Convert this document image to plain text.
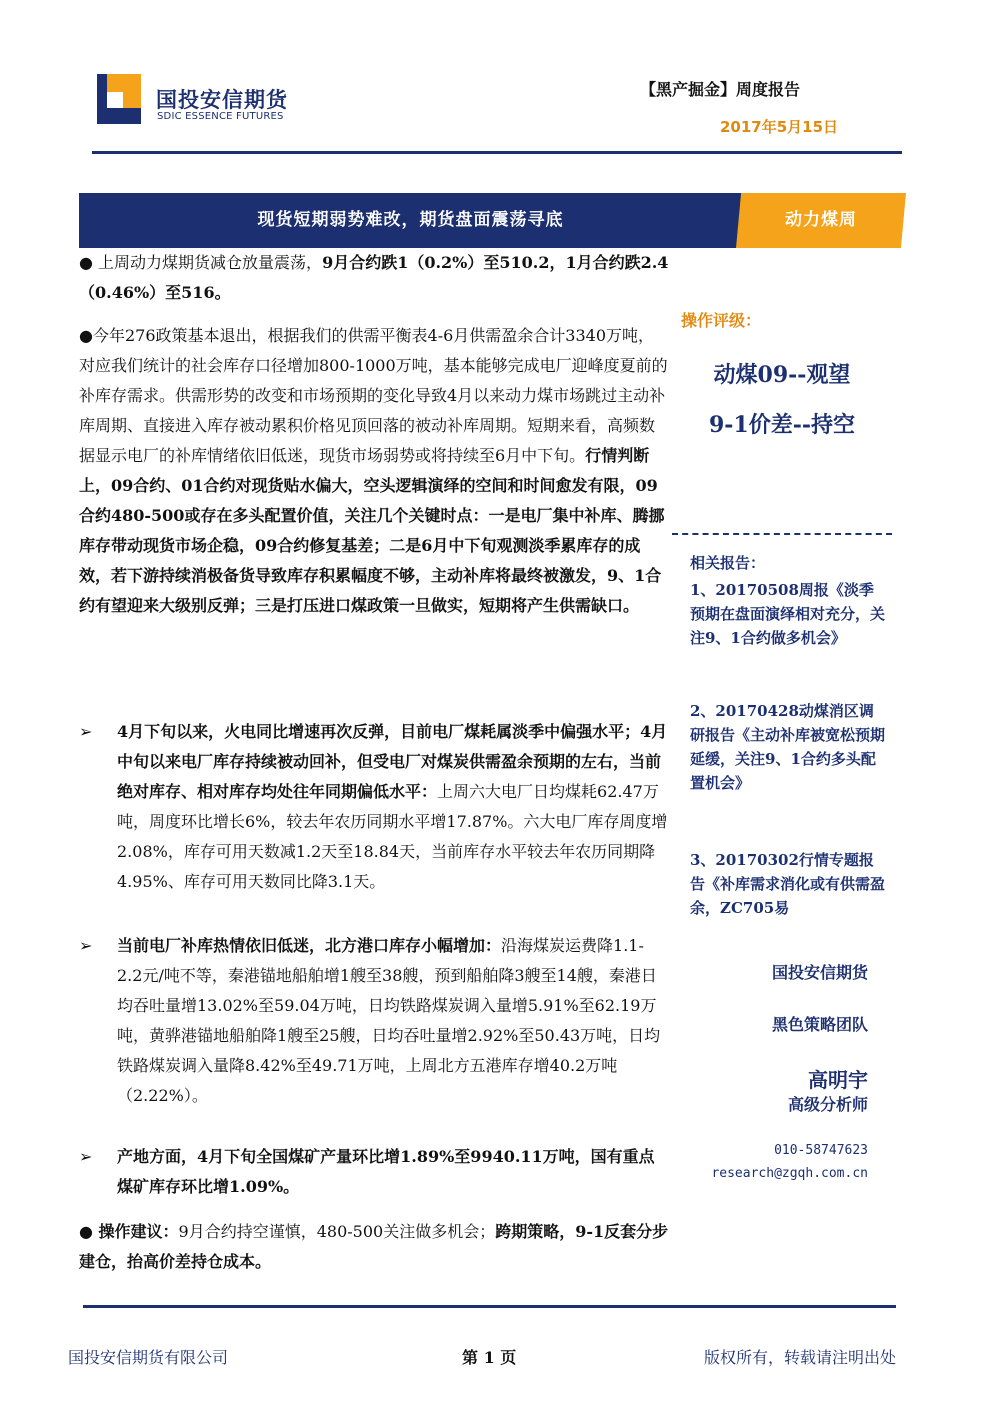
国投安信期货
SDIC ESSENCE FUTURES
【黑产掘金】周度报告
2017年5月15日
现货短期弱势难改，期货盘面震荡寻底	动力煤周
● 上周动力煤期货减仓放量震荡，9月合约跌1（0.2%）至510.2，1月合约跌2.4（0.46%）至516。
●今年276政策基本退出，根据我们的供需平衡表4-6月供需盈余合计3340万吨，对应我们统计的社会库存口径增加800-1000万吨，基本能够完成电厂迎峰度夏前的补库存需求。供需形势的改变和市场预期的变化导致4月以来动力煤市场跳过主动补库周期、直接进入库存被动累积价格见顶回落的被动补库周期。短期来看，高频数据显示电厂的补库情绪依旧低迷，现货市场弱势或将持续至6月中下旬。行情判断上，09合约、01合约对现货贴水偏大，空头逻辑演绎的空间和时间愈发有限，09合约480-500或存在多头配置价值，关注几个关键时点：一是电厂集中补库、腾挪库存带动现货市场企稳，09合约修复基差；二是6月中下旬观测淡季累库存的成效，若下游持续消极备货导致库存积累幅度不够，主动补库将最终被激发，9、1合约有望迎来大级别反弹；三是打压进口煤政策一旦做实，短期将产生供需缺口。
➢ 4月下旬以来，火电同比增速再次反弹，目前电厂煤耗属淡季中偏强水平；4月中旬以来电厂库存持续被动回补，但受电厂对煤炭供需盈余预期的左右，当前绝对库存、相对库存均处往年同期偏低水平：上周六大电厂日均煤耗62.47万吨，周度环比增长6%，较去年农历同期水平增17.87%。六大电厂库存周度增2.08%，库存可用天数减1.2天至18.84天，当前库存水平较去年农历同期降4.95%、库存可用天数同比降3.1天。
➢ 当前电厂补库热情依旧低迷，北方港口库存小幅增加：沿海煤炭运费降1.1-2.2元/吨不等，秦港锚地船舶增1艘至38艘，预到船舶降3艘至14艘，秦港日均吞吐量增13.02%至59.04万吨，日均铁路煤炭调入量增5.91%至62.19万吨，黄骅港锚地船舶降1艘至25艘，日均吞吐量增2.92%至50.43万吨，日均铁路煤炭调入量降8.42%至49.71万吨，上周北方五港库存增40.2万吨（2.22%）。
➢ 产地方面，4月下旬全国煤矿产量环比增1.89%至9940.11万吨，国有重点煤矿库存环比增1.09%。
● 操作建议：9月合约持空谨慎，480-500关注做多机会；跨期策略，9-1反套分步建仓，抬高价差持仓成本。
操作评级：
动煤09--观望
9-1价差--持空
相关报告：
1、20170508周报《淡季预期在盘面演绎相对充分，关注9、1合约做多机会》
2、20170428动煤消区调研报告《主动补库被宽松预期延缓，关注9、1合约多头配置机会》
3、20170302行情专题报告《补库需求消化或有供需盈余，ZC705易
国投安信期货
黑色策略团队
高明宇
高级分析师
010-58747623
research@zgqh.com.cn
国投安信期货有限公司	第 1 页	版权所有，转载请注明出处
